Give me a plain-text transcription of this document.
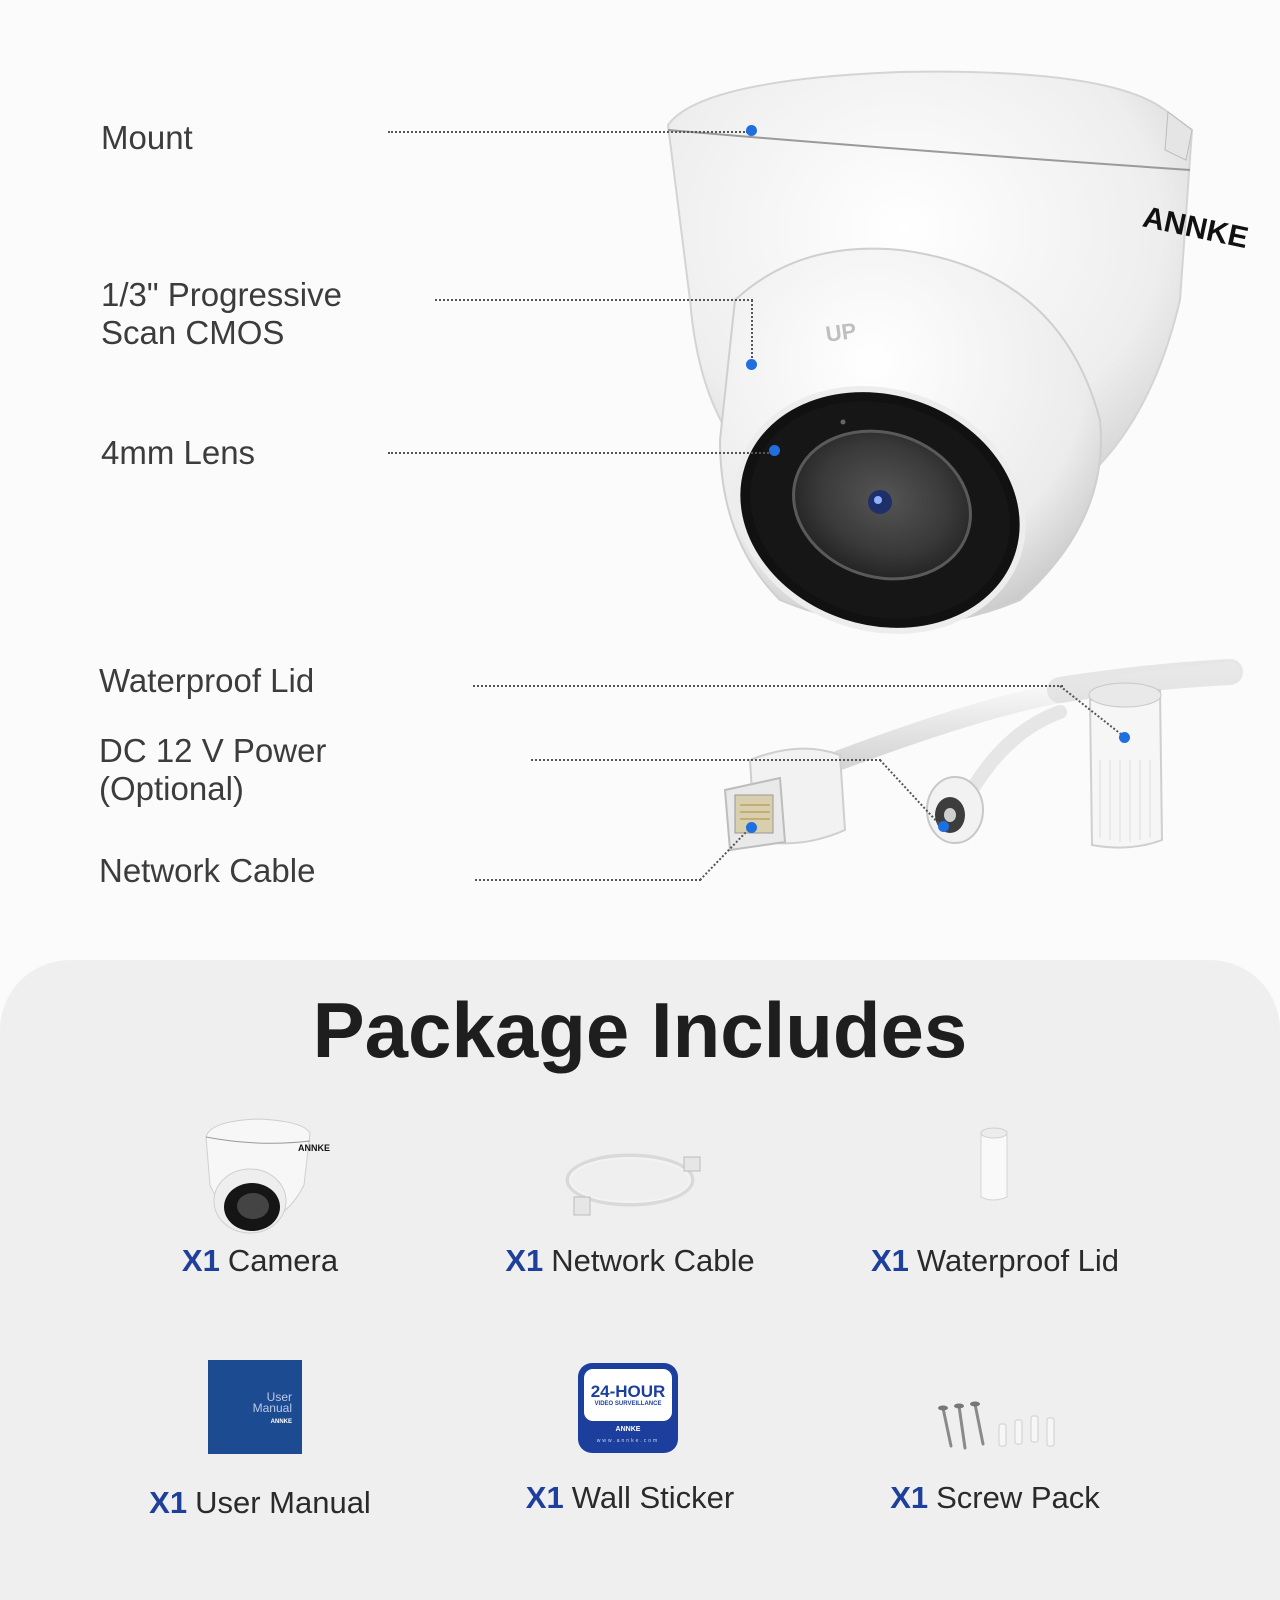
ANNKE
UP
Mount
1/3" Progressive
Scan CMOS
4mm Lens
Waterproof Lid
DC 12 V Power
(Optional)
Network Cable
Package Includes
ANNKE
X1 Camera	X1 Network Cable	X1 Waterproof Lid
User
Manual
ANNKE
X1 User Manual
24-HOUR
VIDEO SURVEILLANCE
ANNKE
www.annke.com
X1 Wall Sticker	X1 Screw Pack
